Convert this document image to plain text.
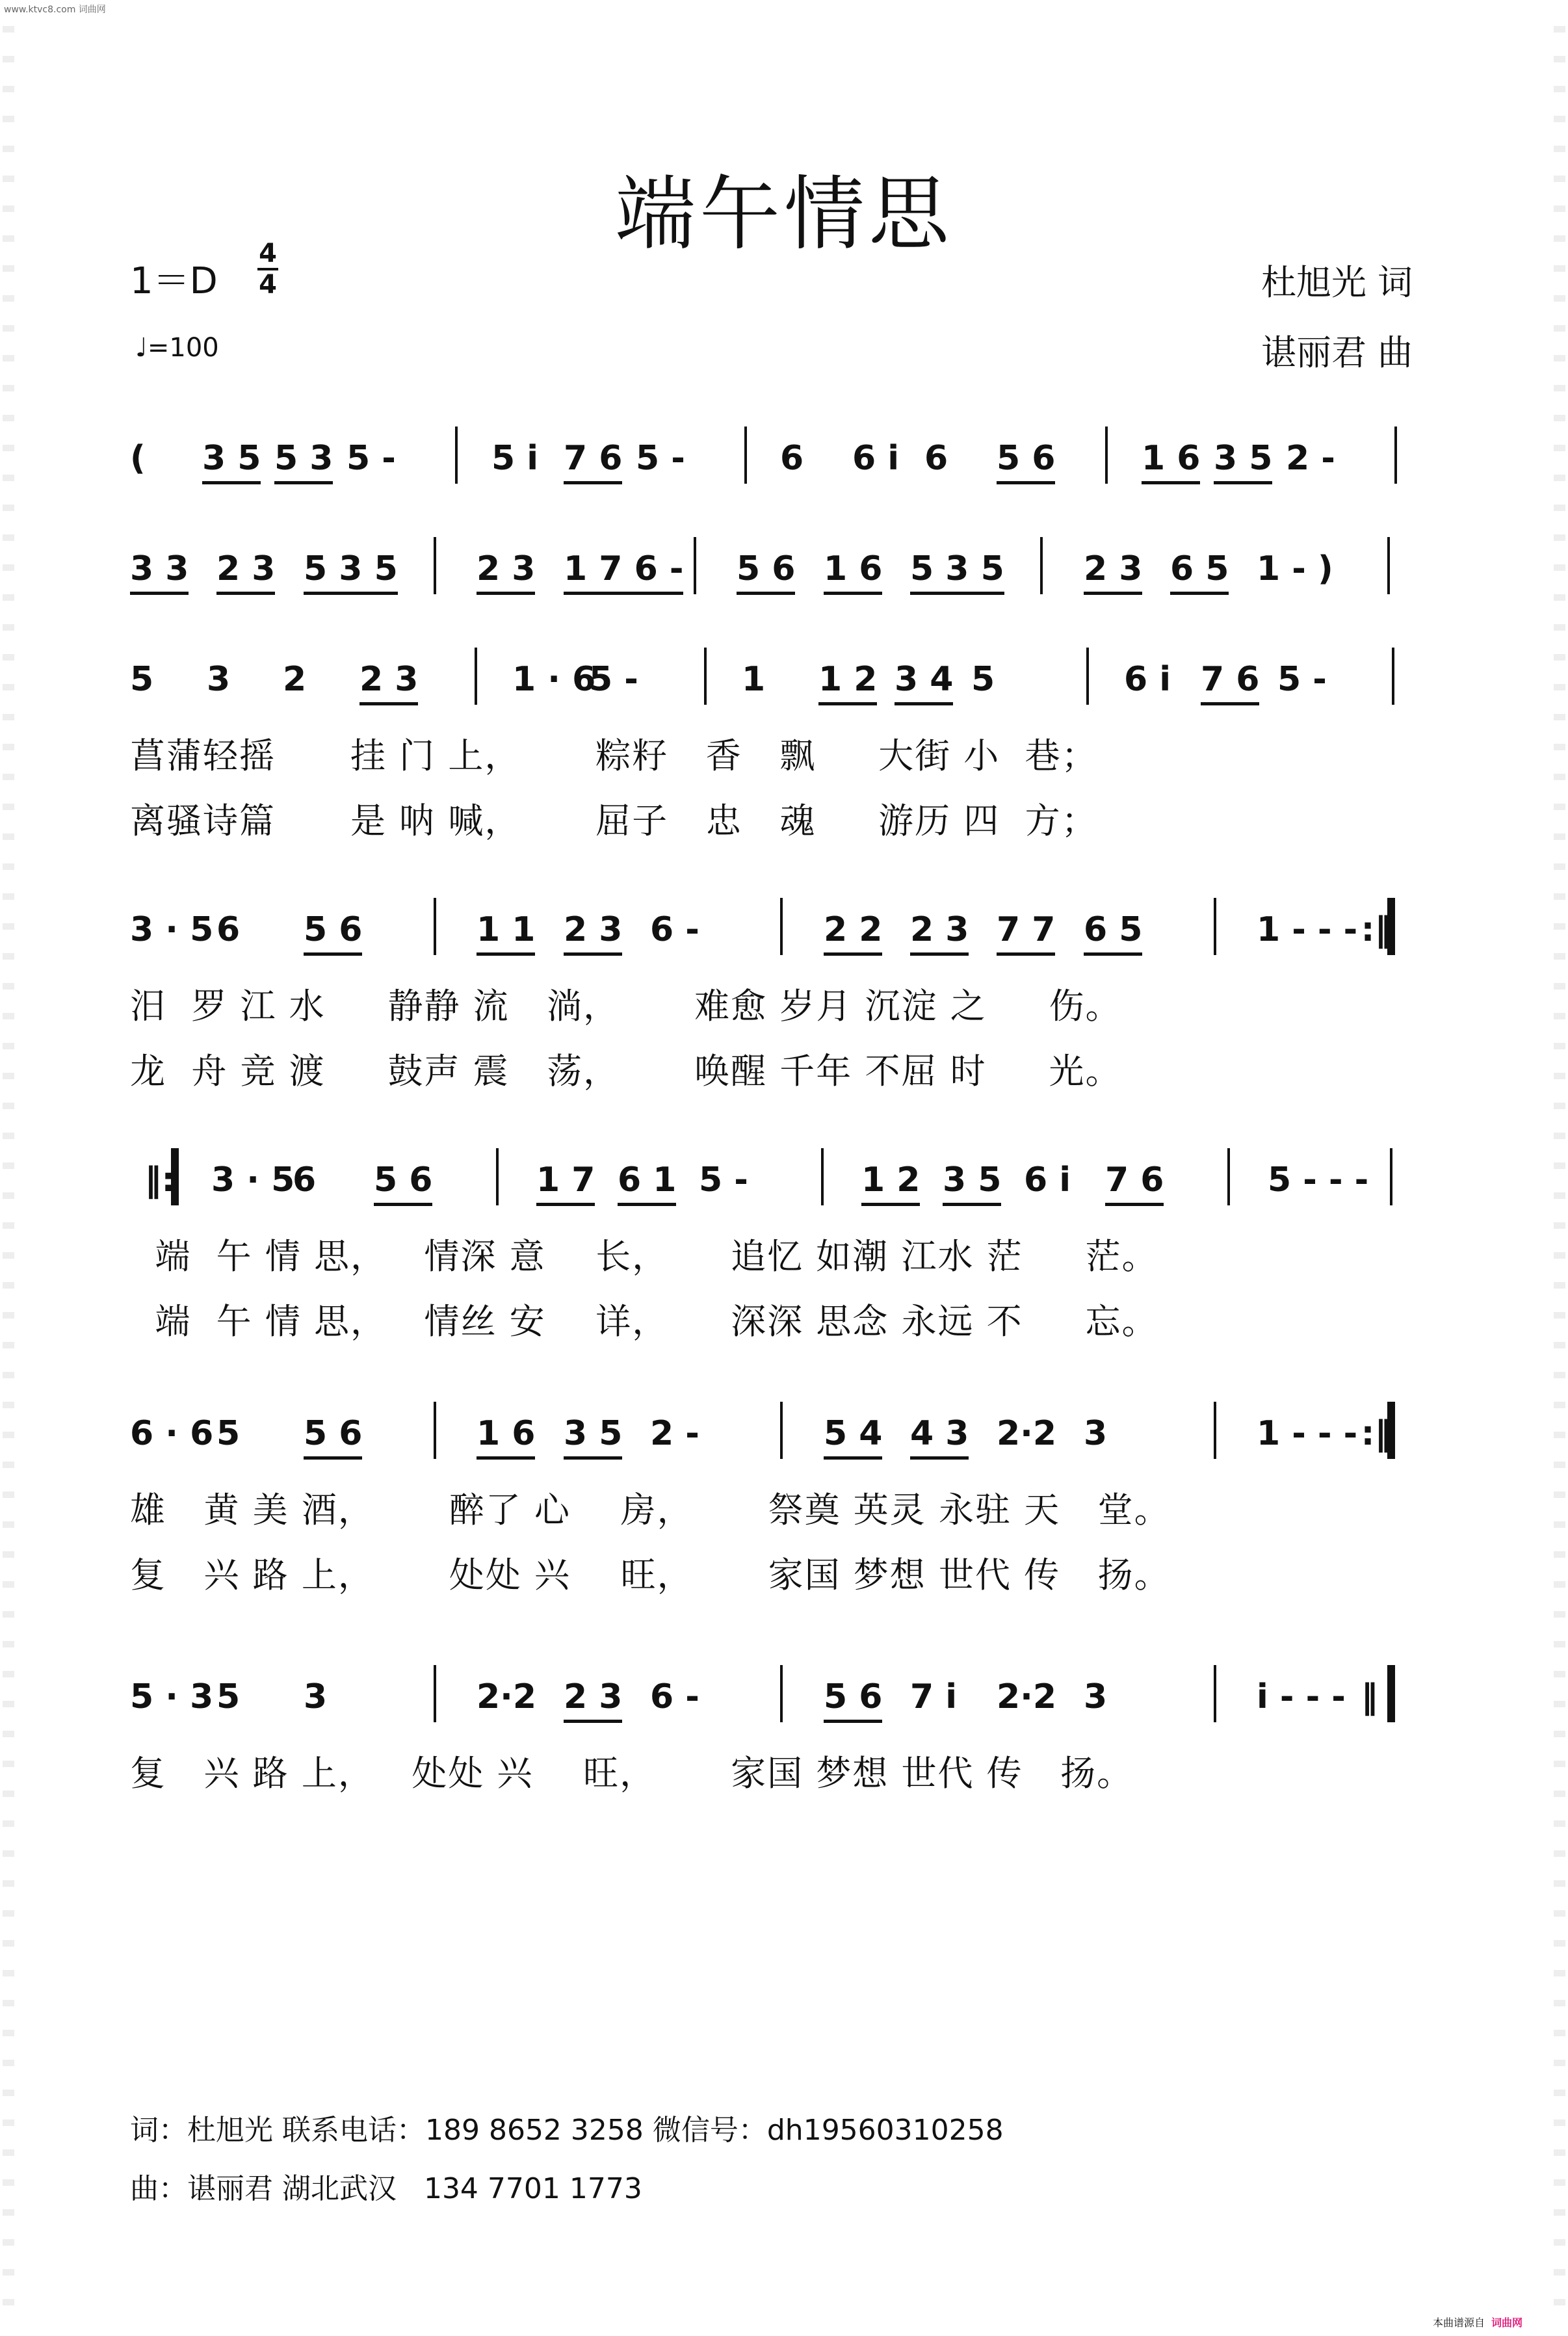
www.ktvc8.com 词曲网
端午情思
1＝D
4
4
♩=100
杜旭光 词
谌丽君 曲
( 3 5 5 3 5 -	5 i 7 6 5 -	6 6 i 6 5 6	1 6 3 5 2 -
3 3 2 3 5 3 5 2 3 1 7 6 - 5 6 1 6 5 3 5 2 3 6 5 1 - )
5 3 2 2 3	1 · 6
5 -	1 1 2 3 4 5	6 i 7 6 5 -
菖蒲轻摇      挂 门 上，      粽籽   香   飘     大街 小  巷；
离骚诗篇      是 呐 喊，      屈子   忠   魂     游历 四  方；
3 · 5 6 5 6	1 1 2 3 6 -	2 2 2 3 7 7 6 5	1 - - - :‖
汨  罗 江 水     静静 流   淌，      难愈 岁月 沉淀 之     伤。
龙  舟 竞 渡     鼓声 震   荡，      唤醒 千年 不屈 时     光。
‖: 3 · 5
6 5 6	1 7 6 1 5 -	1 2 3 5 6 i 7 6	5 - - -
端  午 情 思，   情深 意    长，     追忆 如潮 江水 茫     茫。
端  午 情 思，   情丝 安    详，     深深 思念 永远 不     忘。
6 · 6 5 5 6	1 6 3 5 2 -	5 4 4 3 2·2 3	1 - - - :‖
雄   黄 美 酒，      醉了 心    房，      祭奠 英灵 永驻 天   堂。
复   兴 路 上，      处处 兴    旺，      家国 梦想 世代 传   扬。
5 · 3 5 3	2·2 2 3 6 -	5 6 7 i 2·2 3	i - - - ‖
复   兴 路 上，   处处 兴    旺，      家国 梦想 世代 传   扬。
词：杜旭光 联系电话：189 8652 3258 微信号：dh19560310258
曲：谌丽君 湖北武汉   134 7701 1773
本曲谱源自 词曲网
